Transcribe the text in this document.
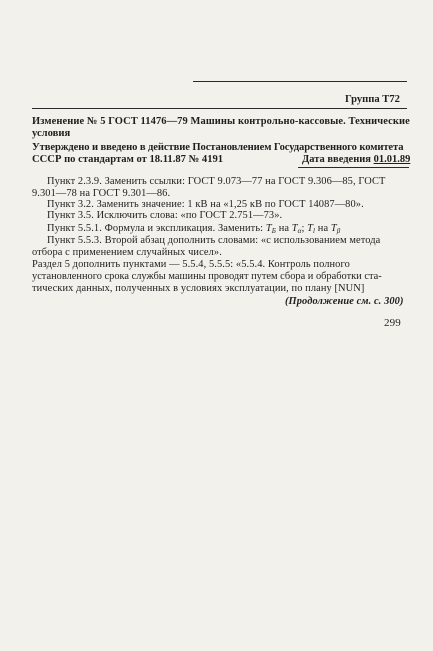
Группа Т72
Изменение № 5 ГОСТ 11476—79 Машины контрольно-кассовые. Технические
условия
Утверждено и введено в действие Постановлением Государственного комитета
СССР по стандартам от 18.11.87 № 4191	Дата введения 01.01.89
Пункт 2.3.9. Заменить ссылки: ГОСТ 9.073—77 на ГОСТ 9.306—85, ГОСТ
9.301—78 на ГОСТ 9.301—86.
Пункт 3.2. Заменить значение: 1 кВ на «1,25 кВ по ГОСТ 14087—80».
Пункт 3.5. Исключить слова: «по ГОСТ 2.751—73».
Пункт 5.5.1. Формула и экспликация. Заменить: $T_Б$ на $T_\alpha$; $T_l$ на $T_\beta$
Пункт 5.5.3. Второй абзац дополнить словами: «с использованием метода
отбора с применением случайных чисел».
Раздел 5 дополнить пунктами — 5.5.4, 5.5.5: «5.5.4. Контроль полного
установленного срока службы машины проводят путем сбора и обработки ста-
тических данных, полученных в условиях эксплуатации, по плану [NUN]
(Продолжение см. с. 300)
299
